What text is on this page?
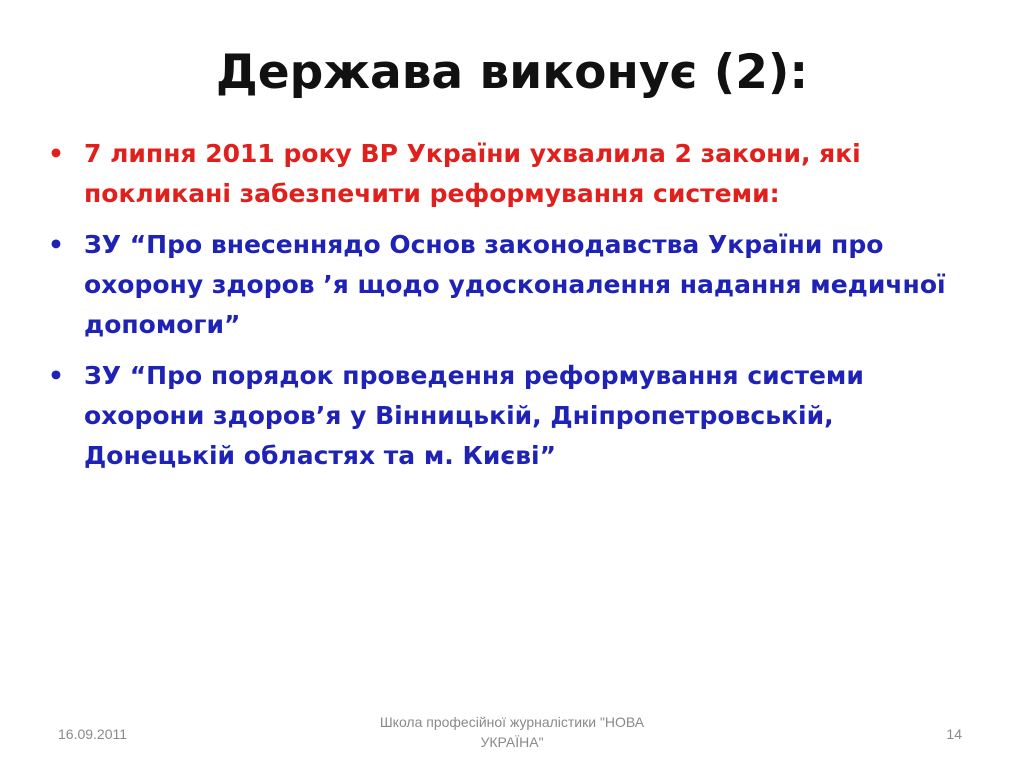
Держава виконує (2):
• 7 липня 2011 року ВР України ухвалила 2 закони, які покликані забезпечити реформування системи:
• ЗУ “Про внесеннядо Основ законодавства України про охорону здоров ’я щодо удосконалення надання медичної допомоги”
• ЗУ “Про порядок проведення реформування системи охорони здоров’я у Вінницькій, Дніпропетровській, Донецькій областях та м. Києві”
16.09.2011
Школа професійної журналістики "НОВА УКРАЇНА"	14
